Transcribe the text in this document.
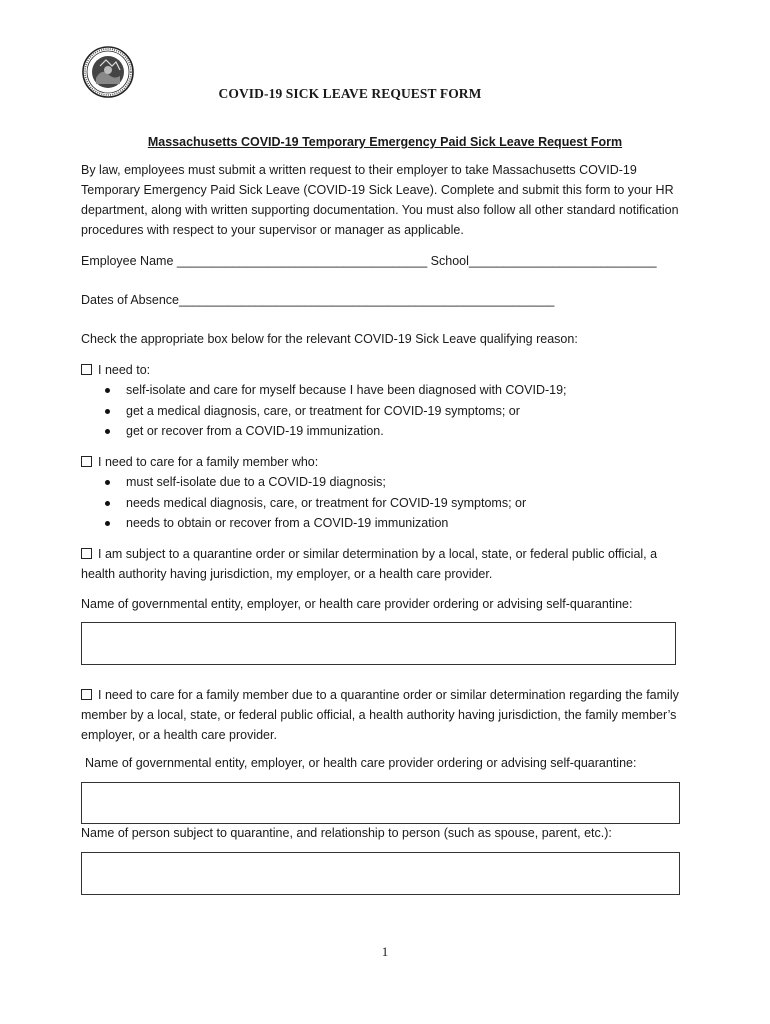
COVID-19 SICK LEAVE REQUEST FORM
Massachusetts COVID-19 Temporary Emergency Paid Sick Leave Request Form
By law, employees must submit a written request to their employer to take Massachusetts COVID-19 Temporary Emergency Paid Sick Leave (COVID-19 Sick Leave). Complete and submit this form to your HR department, along with written supporting documentation. You must also follow all other standard notification procedures with respect to your supervisor or manager as applicable.
Employee Name ____________________________________ School___________________________
Dates of Absence______________________________________________________
Check the appropriate box below for the relevant COVID-19 Sick Leave qualifying reason:
I need to:
self-isolate and care for myself because I have been diagnosed with COVID-19;
get a medical diagnosis, care, or treatment for COVID-19 symptoms; or
get or recover from a COVID-19 immunization.
I need to care for a family member who:
must self-isolate due to a COVID-19 diagnosis;
needs medical diagnosis, care, or treatment for COVID-19 symptoms; or
needs to obtain or recover from a COVID-19 immunization
I am subject to a quarantine order or similar determination by a local, state, or federal public official, a health authority having jurisdiction, my employer, or a health care provider.
Name of governmental entity, employer, or health care provider ordering or advising self-quarantine:
I need to care for a family member due to a quarantine order or similar determination regarding the family member by a local, state, or federal public official, a health authority having jurisdiction, the family member’s employer, or a health care provider.
Name of governmental entity, employer, or health care provider ordering or advising self-quarantine:
Name of person subject to quarantine, and relationship to person (such as spouse, parent, etc.):
1
